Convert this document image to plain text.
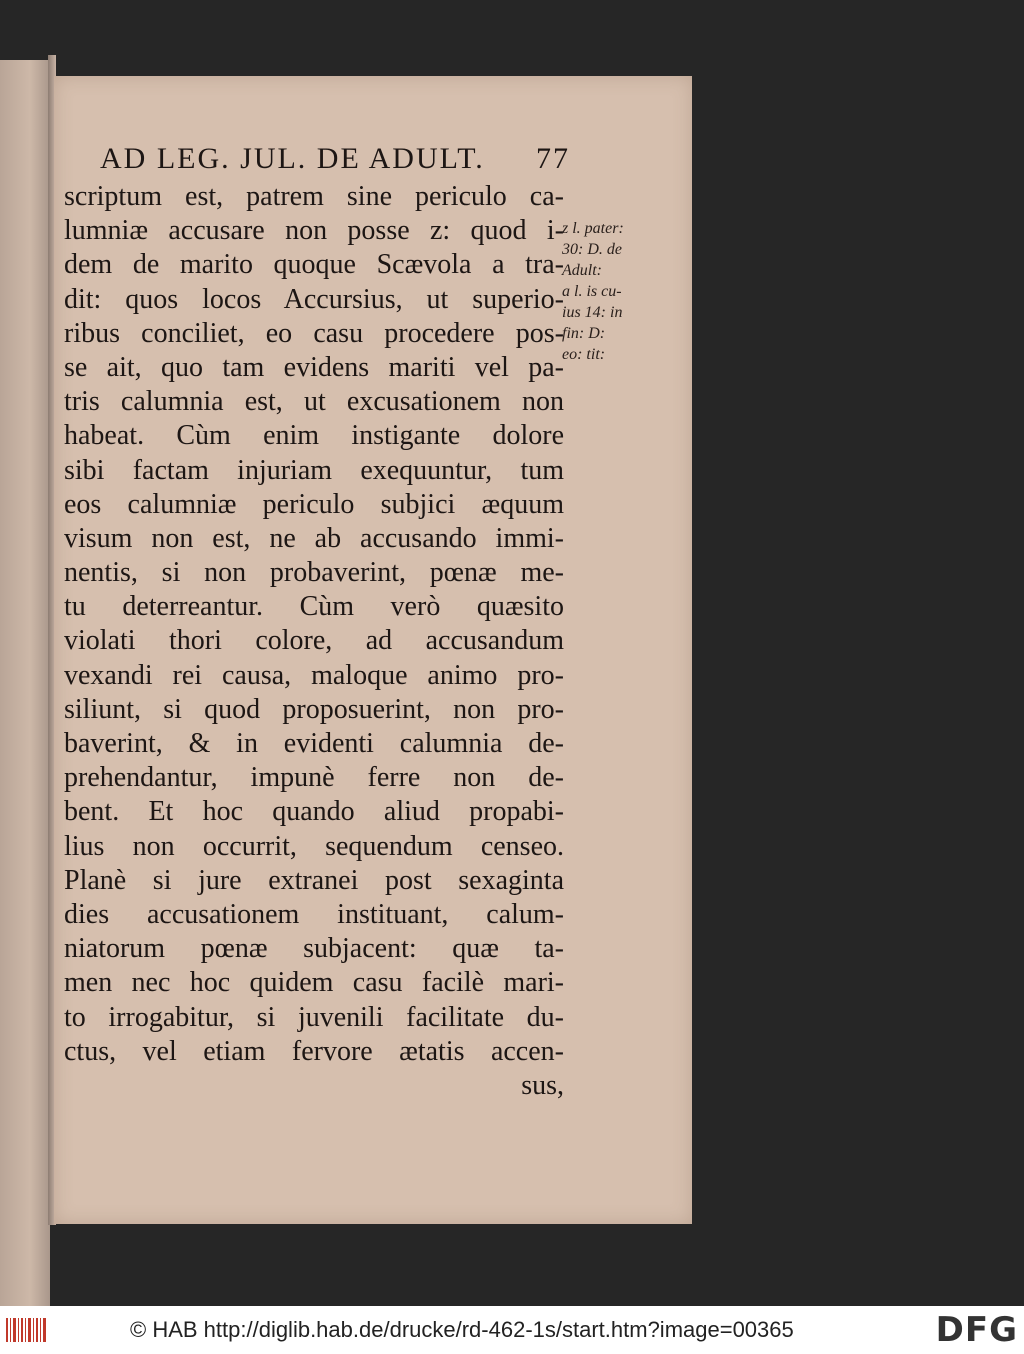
AD LEG. JUL. DE ADULT. 77
scriptum est, patrem sine periculo ca-
lumniæ accusare non posse z: quod i-
dem de marito quoque Scævola a tra-
dit: quos locos Accursius, ut superio-
ribus conciliet, eo casu procedere pos-
se ait, quo tam evidens mariti vel pa-
tris calumnia est, ut excusationem non
habeat. Cùm enim instigante dolore
sibi factam injuriam exequuntur, tum
eos calumniæ periculo subjici æquum
visum non est, ne ab accusando immi-
nentis, si non probaverint, pœnæ me-
tu deterreantur. Cùm verò quæsito
violati thori colore, ad accusandum
vexandi rei causa, maloque animo pro-
siliunt, si quod proposuerint, non pro-
baverint, & in evidenti calumnia de-
prehendantur, impunè ferre non de-
bent. Et hoc quando aliud propabi-
lius non occurrit, sequendum censeo.
Planè si jure extranei post sexaginta
dies accusationem instituant, calum-
niatorum pœnæ subjacent: quæ ta-
men nec hoc quidem casu facilè mari-
to irrogabitur, si juvenili facilitate du-
ctus, vel etiam fervore ætatis accen-
sus,
z l. pater:
30: D. de
Adult:
a l. is cu-
ius 14: in
fin: D:
eo: tit:
© HAB http://diglib.hab.de/drucke/rd-462-1s/start.htm?image=00365	DFG
